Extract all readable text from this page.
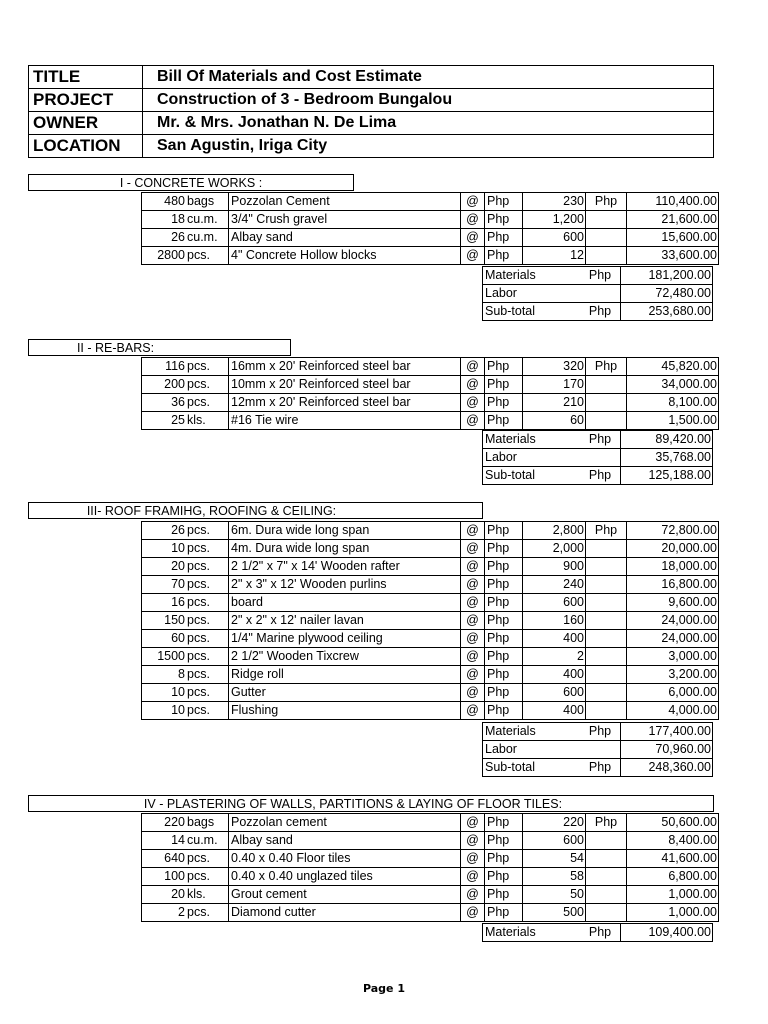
TITLE	Bill Of Materials and Cost Estimate
PROJECT	Construction of 3 - Bedroom Bungalou
OWNER	Mr. & Mrs. Jonathan N. De Lima
LOCATION	San Agustin, Iriga City
I - CONCRETE WORKS :
480	bags	Pozzolan Cement	@	Php	230	Php	110,400.00
18	cu.m.	3/4" Crush gravel	@	Php	1,200		21,600.00
26	cu.m.	Albay sand	@	Php	600		15,600.00
2800	pcs.	4" Concrete Hollow blocks	@	Php	12		33,600.00
Materials	Php	181,200.00
Labor		72,480.00
Sub-total	Php	253,680.00
II - RE-BARS:
116	pcs.	16mm x 20' Reinforced steel bar	@	Php	320	Php	45,820.00
200	pcs.	10mm x 20' Reinforced steel bar	@	Php	170		34,000.00
36	pcs.	12mm x 20' Reinforced steel bar	@	Php	210		8,100.00
25	kls.	#16 Tie wire	@	Php	60		1,500.00
Materials	Php	89,420.00
Labor		35,768.00
Sub-total	Php	125,188.00
III- ROOF FRAMIHG, ROOFING & CEILING:
26	pcs.	6m. Dura wide long span	@	Php	2,800	Php	72,800.00
10	pcs.	4m. Dura wide long span	@	Php	2,000		20,000.00
20	pcs.	2 1/2" x 7" x 14' Wooden rafter	@	Php	900		18,000.00
70	pcs.	2" x 3" x 12' Wooden purlins	@	Php	240		16,800.00
16	pcs.	board	@	Php	600		9,600.00
150	pcs.	2" x 2" x 12' nailer lavan	@	Php	160		24,000.00
60	pcs.	1/4" Marine plywood ceiling	@	Php	400		24,000.00
1500	pcs.	2 1/2" Wooden Tixcrew	@	Php	2		3,000.00
8	pcs.	Ridge roll	@	Php	400		3,200.00
10	pcs.	Gutter	@	Php	600		6,000.00
10	pcs.	Flushing	@	Php	400		4,000.00
Materials	Php	177,400.00
Labor		70,960.00
Sub-total	Php	248,360.00
IV - PLASTERING OF WALLS, PARTITIONS & LAYING OF FLOOR TILES:
220	bags	Pozzolan cement	@	Php	220	Php	50,600.00
14	cu.m.	Albay sand	@	Php	600		8,400.00
640	pcs.	0.40 x 0.40 Floor tiles	@	Php	54		41,600.00
100	pcs.	0.40 x 0.40 unglazed tiles	@	Php	58		6,800.00
20	kls.	Grout cement	@	Php	50		1,000.00
2	pcs.	Diamond cutter	@	Php	500		1,000.00
Materials	Php	109,400.00
Page 1
